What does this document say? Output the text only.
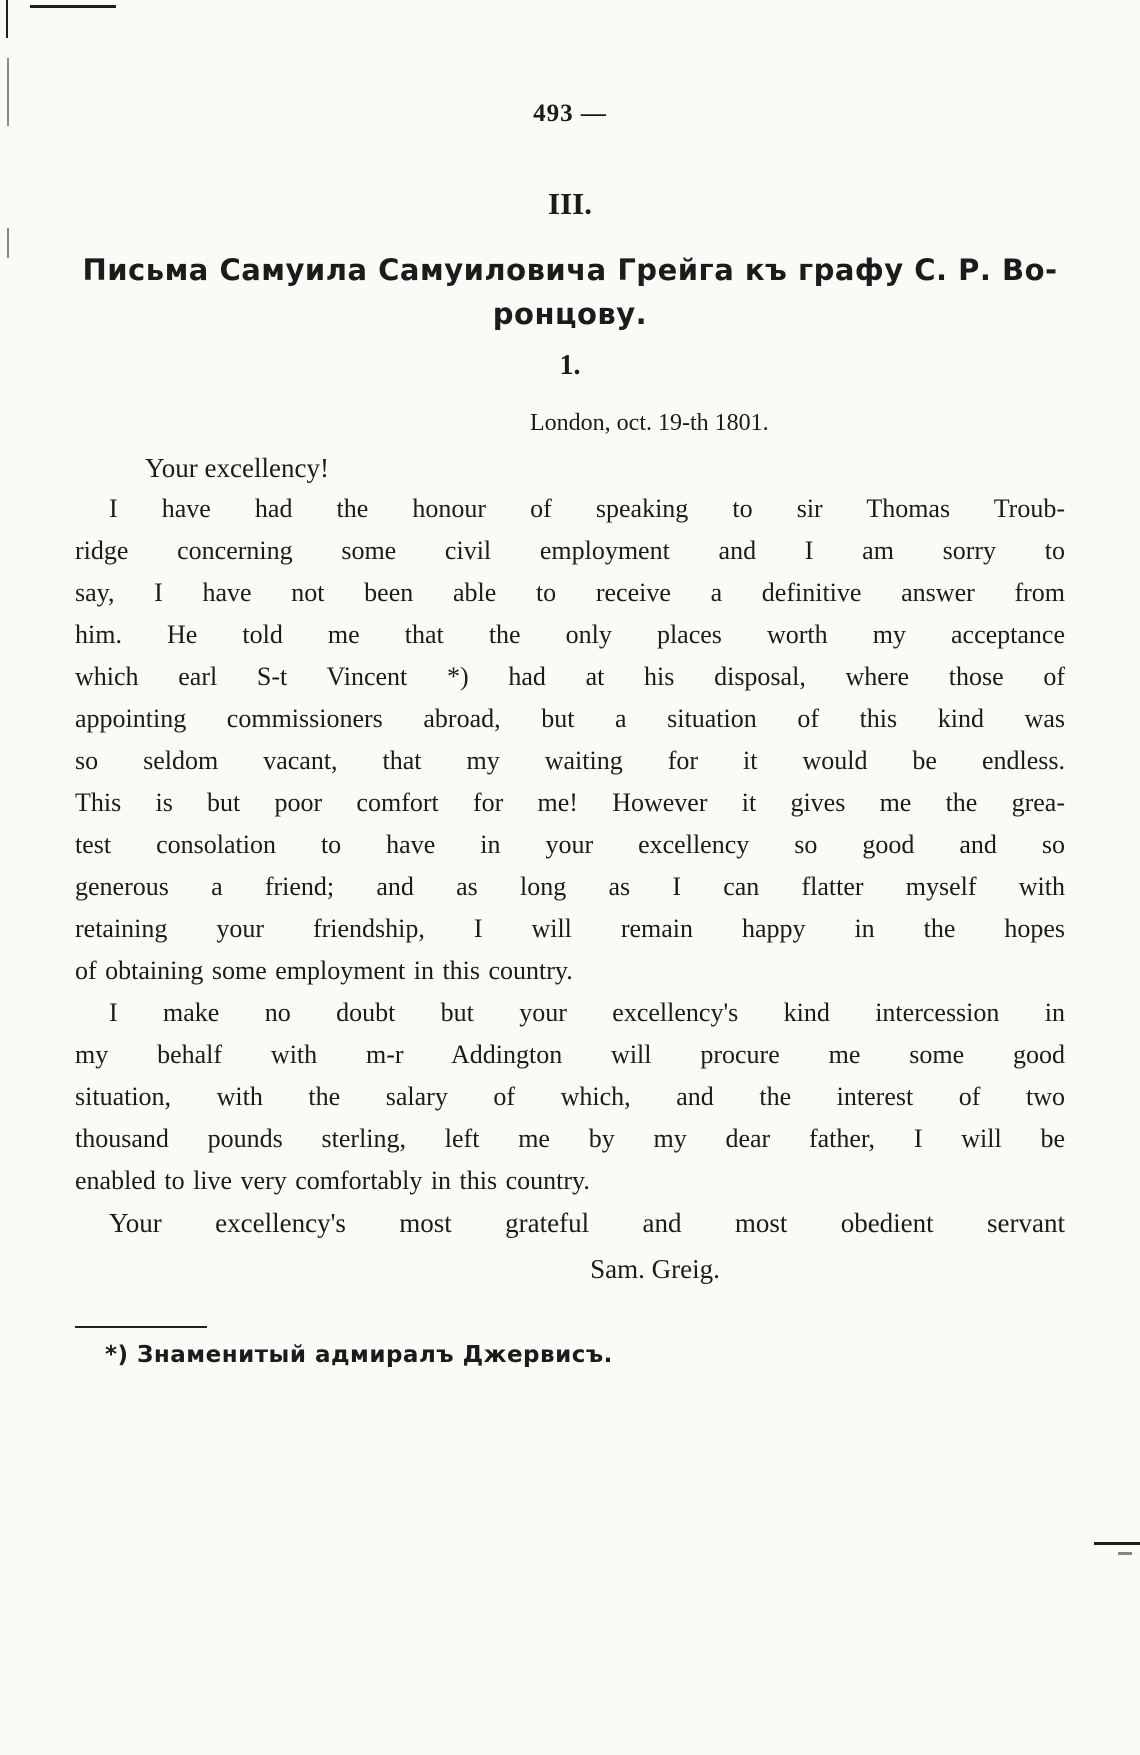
493 —
III.
Письма Самуила Самуиловича Грейга къ графу С. Р. Во-
ронцову.
1.
London, oct. 19-th 1801.
Your excellency!
I have had the honour of speaking to sir Thomas Troub-
ridge concerning some civil employment and I am sorry to
say, I have not been able to receive a definitive answer from
him. He told me that the only places worth my acceptance
which earl S-t Vincent *) had at his disposal, where those of
appointing commissioners abroad, but a situation of this kind was
so seldom vacant, that my waiting for it would be endless.
This is but poor comfort for me! However it gives me the grea-
test consolation to have in your excellency so good and so
generous a friend; and as long as I can flatter myself with
retaining your friendship, I will remain happy in the hopes
of obtaining some employment in this country.
I make no doubt but your excellency's kind intercession in
my behalf with m-r Addington will procure me some good
situation, with the salary of which, and the interest of two
thousand pounds sterling, left me by my dear father, I will be
enabled to live very comfortably in this country.
Your excellency's most grateful and most obedient servant
Sam. Greig.
*) Знаменитый адмиралъ Джервисъ.
